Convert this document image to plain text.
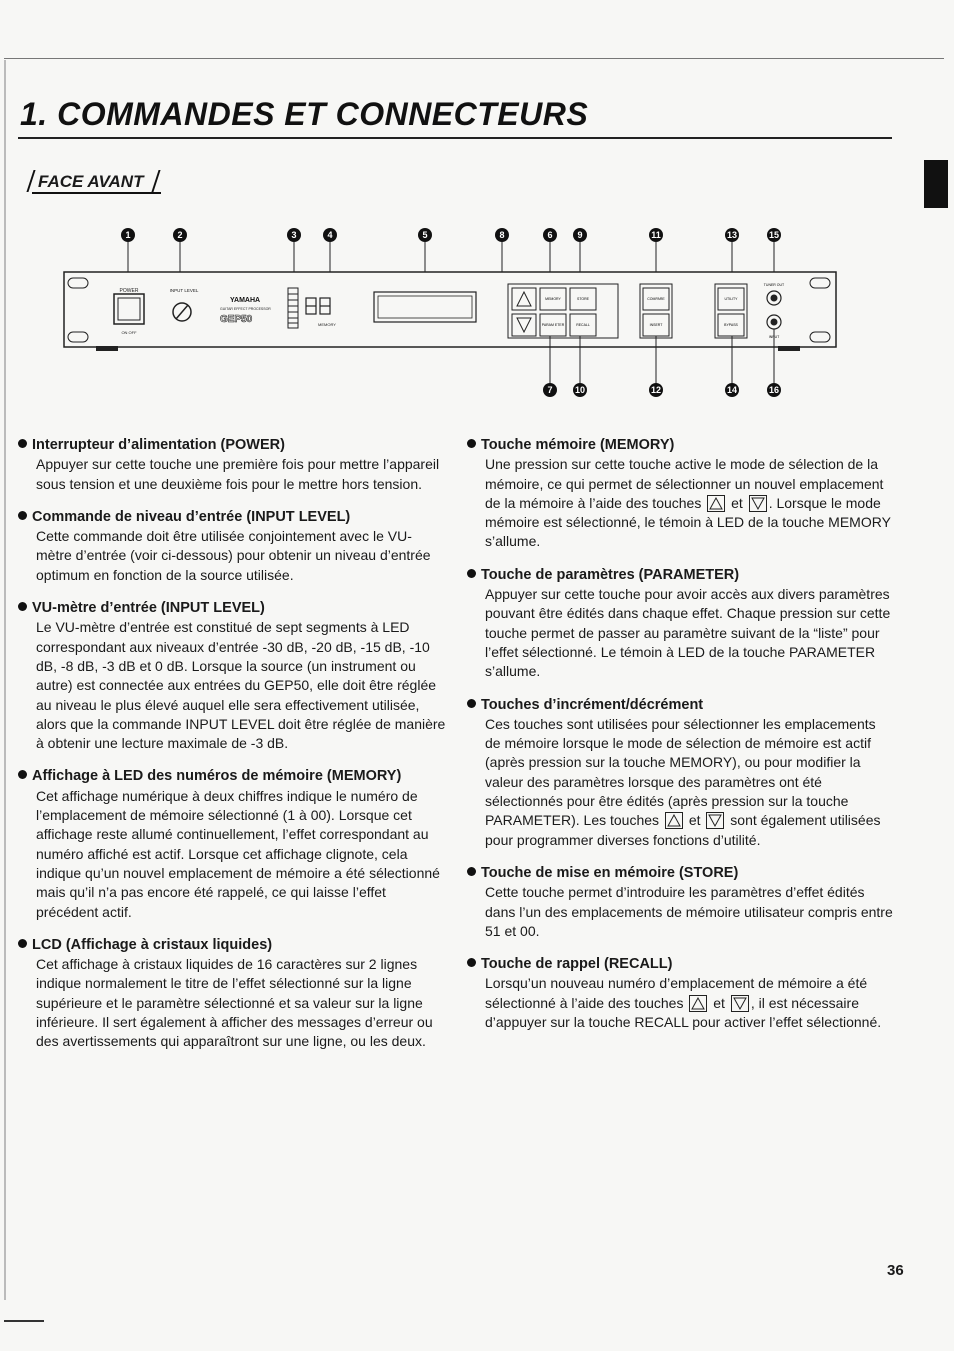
1. COMMANDES ET CONNECTEURS
FACE AVANT
1	2	3	4	5	8	6	9	11	13	15
POWER
ON OFF
INPUT LEVEL
YAMAHA
GUITAR EFFECT PROCESSOR
GEP50	MEMORY
MEMORY	STORE
PARAM ETER	RECALL
COMPARE
INSERT
UTILITY
BYPASS
TUNER OUT
INPUT
7 10	12	14	16
Interrupteur d’alimentation (POWER)

Appuyer sur cette touche une première fois pour mettre l’appareil sous tension et une deuxième fois pour le mettre hors tension.

Commande de niveau d’entrée (INPUT LEVEL)

Cette commande doit être utilisée conjointement avec le VU-mètre d’entrée (voir ci-dessous) pour obtenir un niveau d’entrée optimum en fonction de la source utilisée.

VU-mètre d’entrée (INPUT LEVEL)

Le VU-mètre d’entrée est constitué de sept segments à LED correspondant aux niveaux d’entrée -30 dB, -20 dB, -15 dB, -10 dB, -8 dB, -3 dB et 0 dB. Lorsque la source (un instrument ou autre) est connectée aux entrées du GEP50, elle doit être réglée au niveau le plus élevé auquel elle sera effectivement utilisée, alors que la commande INPUT LEVEL doit être réglée de manière à obtenir une lecture maximale de -3 dB.

Affichage à LED des numéros de mémoire (MEMORY)

Cet affichage numérique à deux chiffres indique le numéro de l’emplacement de mémoire sélectionné (1 à 00). Lorsque cet affichage reste allumé continuellement, l’effet correspondant au numéro affiché est actif. Lorsque cet affichage clignote, cela indique qu’un nouvel emplacement de mémoire a été sélectionné mais qu’il n’a pas encore été rappelé, ce qui laisse l’effet précédent actif.

LCD (Affichage à cristaux liquides)

Cet affichage à cristaux liquides de 16 caractères sur 2 lignes indique normalement le titre de l’effet sélectionné sur la ligne supérieure et le paramètre sélectionné et sa valeur sur la ligne inférieure. Il sert également à afficher des messages d’erreur ou des avertissements qui apparaîtront sur une ligne, ou les deux.

Touche mémoire (MEMORY)

Une pression sur cette touche active le mode de sélection de la mémoire, ce qui permet de sélectionner un nouvel emplacement de la mémoire à l’aide des touches et . Lorsque le mode mémoire est sélectionné, le témoin à LED de la touche MEMORY s’allume.

Touche de paramètres (PARAMETER)

Appuyer sur cette touche pour avoir accès aux divers paramètres pouvant être édités dans chaque effet. Chaque pression sur cette touche permet de passer au paramètre suivant de la “liste” pour l’effet sélectionné. Le témoin à LED de la touche PARAMETER s’allume.

Touches d’incrément/décrément

Ces touches sont utilisées pour sélectionner les emplacements de mémoire lorsque le mode de sélection de mémoire est actif (après pression sur la touche MEMORY), ou pour modifier la valeur des paramètres lorsque des paramètres ont été sélectionnés pour être édités (après pression sur la touche PARAMETER). Les touches et sont également utilisées pour programmer diverses fonctions d’utilité.

Touche de mise en mémoire (STORE)

Cette touche permet d’introduire les paramètres d’effet édités dans l’un des emplacements de mémoire utilisateur compris entre 51 et 00.

Touche de rappel (RECALL)

Lorsqu’un nouveau numéro d’emplacement de mémoire a été sélectionné à l’aide des touches et , il est nécessaire d’appuyer sur la touche RECALL pour activer l’effet sélectionné.

36
